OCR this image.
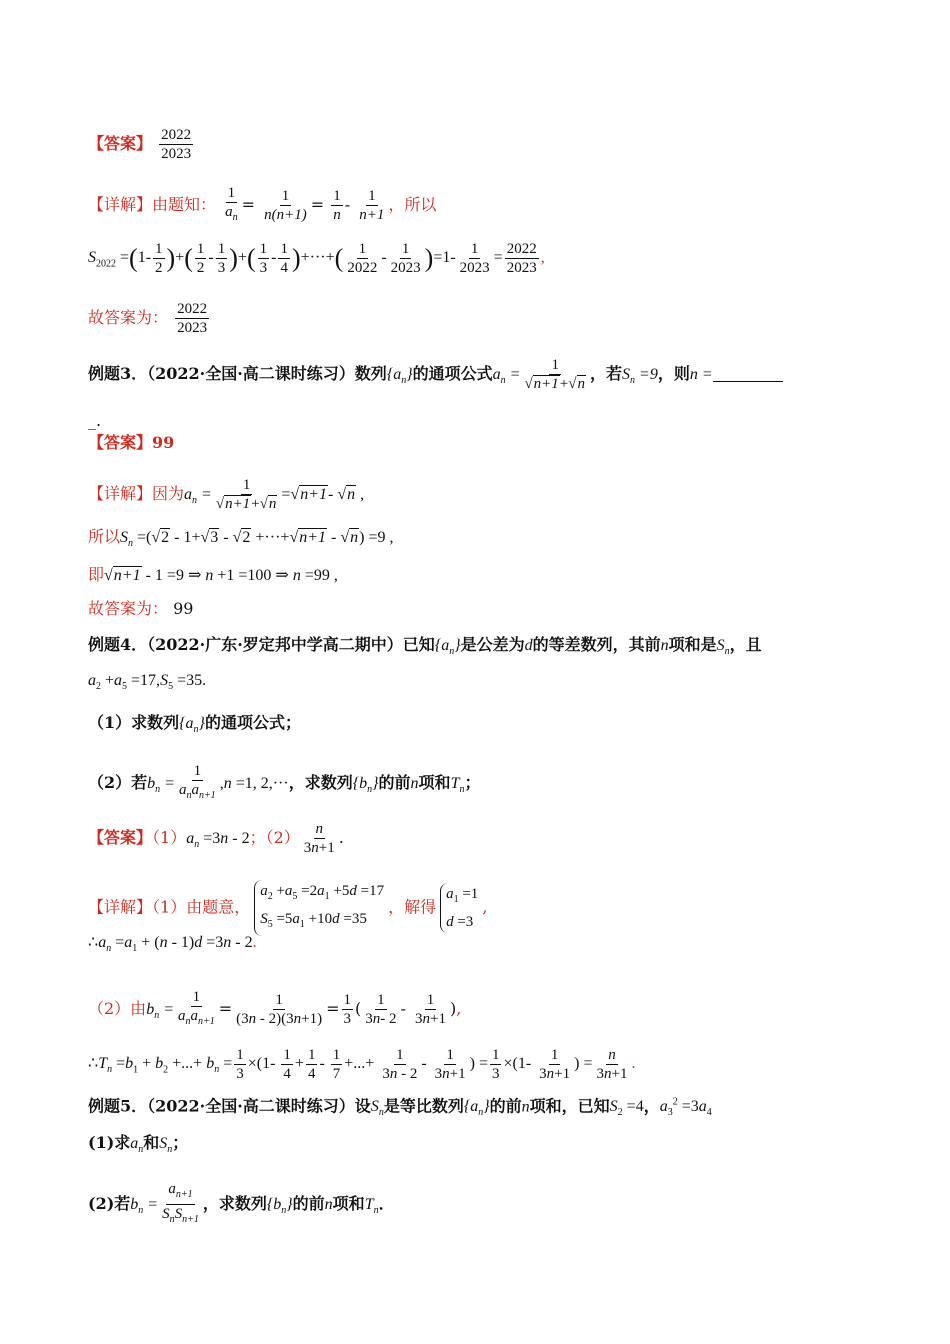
【答案】 $\frac{2022}{2023}$
【详解】由题知： $\frac{1}{a_n} = \frac{1}{n(n+1)} = \frac{1}{n} - \frac{1}{n+1}$ ，所以
$S_{2022} =(1- \frac{1}{2}$ )+( $\frac{1}{2} - \frac{1}{3}$ )+( $\frac{1}{3} - \frac{1}{4}$ )+···+( $\frac{1}{2022} - \frac{1}{2023} )=1- \frac{1}{2023} = \frac{2022}{2023}$ ,
故答案为： $\frac{2022}{2023}$
例题3．（2022·全国·高二课时练习）数列$\{a_n\}$的通项公式$a_n = \frac{1}{√n+1+√n}$ ，若$S_n =9$，则n =
_.
【答案】99
【详解】因为$a_n = \frac{1}{√n+1+√n} =√n+1-$ √n ,
所以$S_n =(√2 - 1+√3 - √2 +\cdot\cdot\cdot+√n+1 - √n) =9$ ,
即√n+1 - 1 =9 ⇒ n +1 =100 ⇒ n =99 ,
故答案为： 99
例题4．（2022·广东·罗定邦中学高二期中）已知$\{a_n\}$是公差为d的等差数列，其前n项和是$S_n$，且
$a_2 +a_5 =17,S_5 =35$.
（1）求数列$\{a_n\}$的通项公式；
（2）若$b_n = \frac{1}{a_na_{n+1}} ,n =1$, 2,···，求数列$\{b_n\}$的前n项和$T_n$；
【答案】$(1)a_n =3n - 2$；$(2) \frac{n}{3n+1}$ .
【详解】（1）由题意，
$a_2 +a_5 =2a_1 +5d =17$
$S_5 =5a_1 +10d =35$
，解得
$a_1 =1$
d =3
,
$\therefore a_n =a_1 + (n - 1)d =3n - 2$.
（2）由$b_n = \frac{1}{a_na_{n+1}} = \frac{1}{(3n - 2)(3n+1)} = \frac{1}{3}$ ( $\frac{1}{3n- 2} - \frac{1}{3n+1}$ ),
$\therefore T_n =b_1 + b_2$ +...+ $b_n = \frac{1}{3} \times(1- \frac{1}{4} + \frac{1}{4} - \frac{1}{7}$ +...+ $\frac{1}{3n - 2} - \frac{1}{3n+1}$ ) = $\frac{1}{3} \times(1- \frac{1}{3n+1}$ ) = $\frac{n}{3n+1}$ .
例题5．（2022·全国·高二课时练习）设$S_n$是等比数列$\{a_n\}$的前n项和，已知$S_2 =4$，$a_3^2 =3a_4$
(1)求$a_n$和$S_n$；
(2)若$b_n = \frac{a_{n+1}}{S_nS_{n+1}}$ ，求数列$\{b_n\}$的前n项和$T_n$．
